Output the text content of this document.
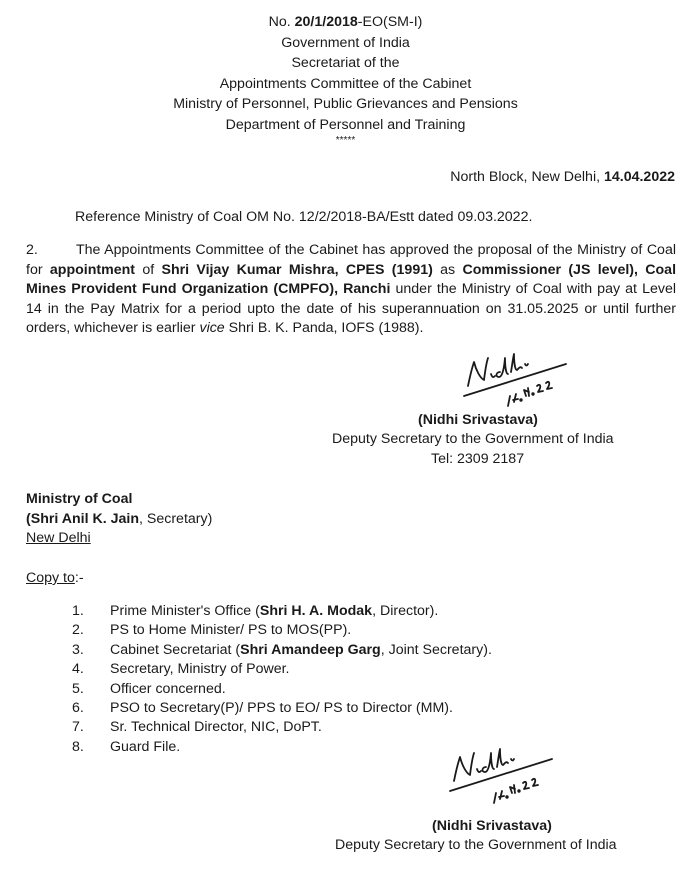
No. 20/1/2018-EO(SM-I)
Government of India
Secretariat of the
Appointments Committee of the Cabinet
Ministry of Personnel, Public Grievances and Pensions
Department of Personnel and Training
*****
North Block, New Delhi, 14.04.2022
Reference Ministry of Coal OM No. 12/2/2018-BA/Estt dated 09.03.2022.
2.	The Appointments Committee of the Cabinet has approved the proposal of the Ministry of Coal for appointment of Shri Vijay Kumar Mishra, CPES (1991) as Commissioner (JS level), Coal Mines Provident Fund Organization (CMPFO), Ranchi under the Ministry of Coal with pay at Level 14 in the Pay Matrix for a period upto the date of his superannuation on 31.05.2025 or until further orders, whichever is earlier vice Shri B. K. Panda, IOFS (1988).
(Nidhi Srivastava)
Deputy Secretary to the Government of India
Tel: 2309 2187
Ministry of Coal
(Shri Anil K. Jain, Secretary)
New Delhi
Copy to:-
1. Prime Minister's Office (Shri H. A. Modak, Director).
2. PS to Home Minister/ PS to MOS(PP).
3. Cabinet Secretariat (Shri Amandeep Garg, Joint Secretary).
4. Secretary, Ministry of Power.
5. Officer concerned.
6. PSO to Secretary(P)/ PPS to EO/ PS to Director (MM).
7. Sr. Technical Director, NIC, DoPT.
8. Guard File.
(Nidhi Srivastava)
Deputy Secretary to the Government of India
